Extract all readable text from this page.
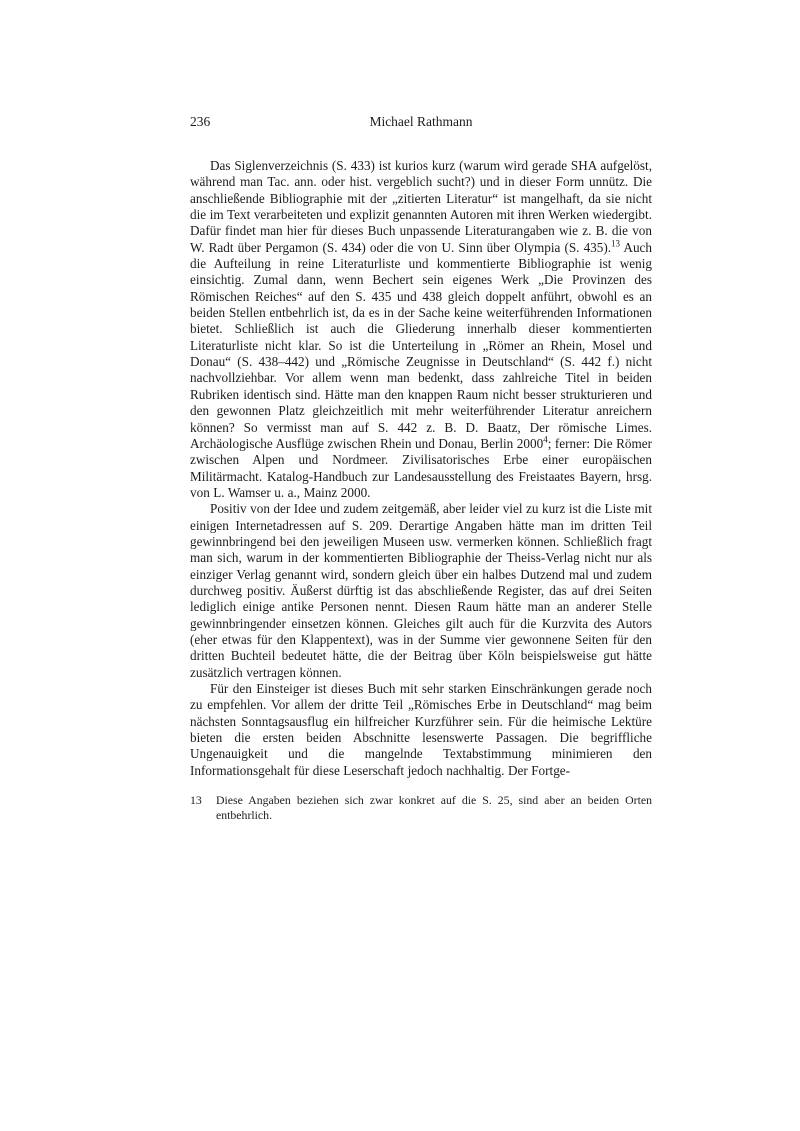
236	Michael Rathmann

Das Siglenverzeichnis (S. 433) ist kurios kurz (warum wird gerade SHA aufgelöst, während man Tac. ann. oder hist. vergeblich sucht?) und in dieser Form unnütz. Die anschließende Bibliographie mit der „zitierten Literatur“ ist mangelhaft, da sie nicht die im Text verarbeiteten und explizit genannten Autoren mit ihren Werken wiedergibt. Dafür findet man hier für dieses Buch unpassende Literaturangaben wie z. B. die von W. Radt über Pergamon (S. 434) oder die von U. Sinn über Olympia (S. 435).$^{13}$ Auch die Aufteilung in reine Literaturliste und kommentierte Bibliographie ist wenig einsichtig. Zumal dann, wenn Bechert sein eigenes Werk „Die Provinzen des Römischen Reiches“ auf den S. 435 und 438 gleich doppelt anführt, obwohl es an beiden Stellen entbehrlich ist, da es in der Sache keine weiterführenden Informationen bietet. Schließlich ist auch die Gliederung innerhalb dieser kommentierten Literaturliste nicht klar. So ist die Unterteilung in „Römer an Rhein, Mosel und Donau“ (S. 438–442) und „Römische Zeugnisse in Deutschland“ (S. 442 f.) nicht nachvollziehbar. Vor allem wenn man bedenkt, dass zahlreiche Titel in beiden Rubriken identisch sind. Hätte man den knappen Raum nicht besser strukturieren und den gewonnen Platz gleichzeitlich mit mehr weiterführender Literatur anreichern können? So vermisst man auf S. 442 z. B. D. Baatz, Der römische Limes. Archäologische Ausflüge zwischen Rhein und Donau, Berlin 2000$^4$; ferner: Die Römer zwischen Alpen und Nordmeer. Zivilisatorisches Erbe einer europäischen Militärmacht. Katalog-Handbuch zur Landesausstellung des Freistaates Bayern, hrsg. von L. Wamser u. a., Mainz 2000.

Positiv von der Idee und zudem zeitgemäß, aber leider viel zu kurz ist die Liste mit einigen Internetadressen auf S. 209. Derartige Angaben hätte man im dritten Teil gewinnbringend bei den jeweiligen Museen usw. vermerken können. Schließlich fragt man sich, warum in der kommentierten Bibliographie der Theiss-Verlag nicht nur als einziger Verlag genannt wird, sondern gleich über ein halbes Dutzend mal und zudem durchweg positiv. Äußerst dürftig ist das abschließende Register, das auf drei Seiten lediglich einige antike Personen nennt. Diesen Raum hätte man an anderer Stelle gewinnbringender einsetzen können. Gleiches gilt auch für die Kurzvita des Autors (eher etwas für den Klappentext), was in der Summe vier gewonnene Seiten für den dritten Buchteil bedeutet hätte, die der Beitrag über Köln beispielsweise gut hätte zusätzlich vertragen können.

Für den Einsteiger ist dieses Buch mit sehr starken Einschränkungen gerade noch zu empfehlen. Vor allem der dritte Teil „Römisches Erbe in Deutschland“ mag beim nächsten Sonntagsausflug ein hilfreicher Kurzführer sein. Für die heimische Lektüre bieten die ersten beiden Abschnitte lesenswerte Passagen. Die begriffliche Ungenauigkeit und die mangelnde Textabstimmung minimieren den Informationsgehalt für diese Leserschaft jedoch nachhaltig. Der Fortge-

13	Diese Angaben beziehen sich zwar konkret auf die S. 25, sind aber an beiden Orten entbehrlich.
